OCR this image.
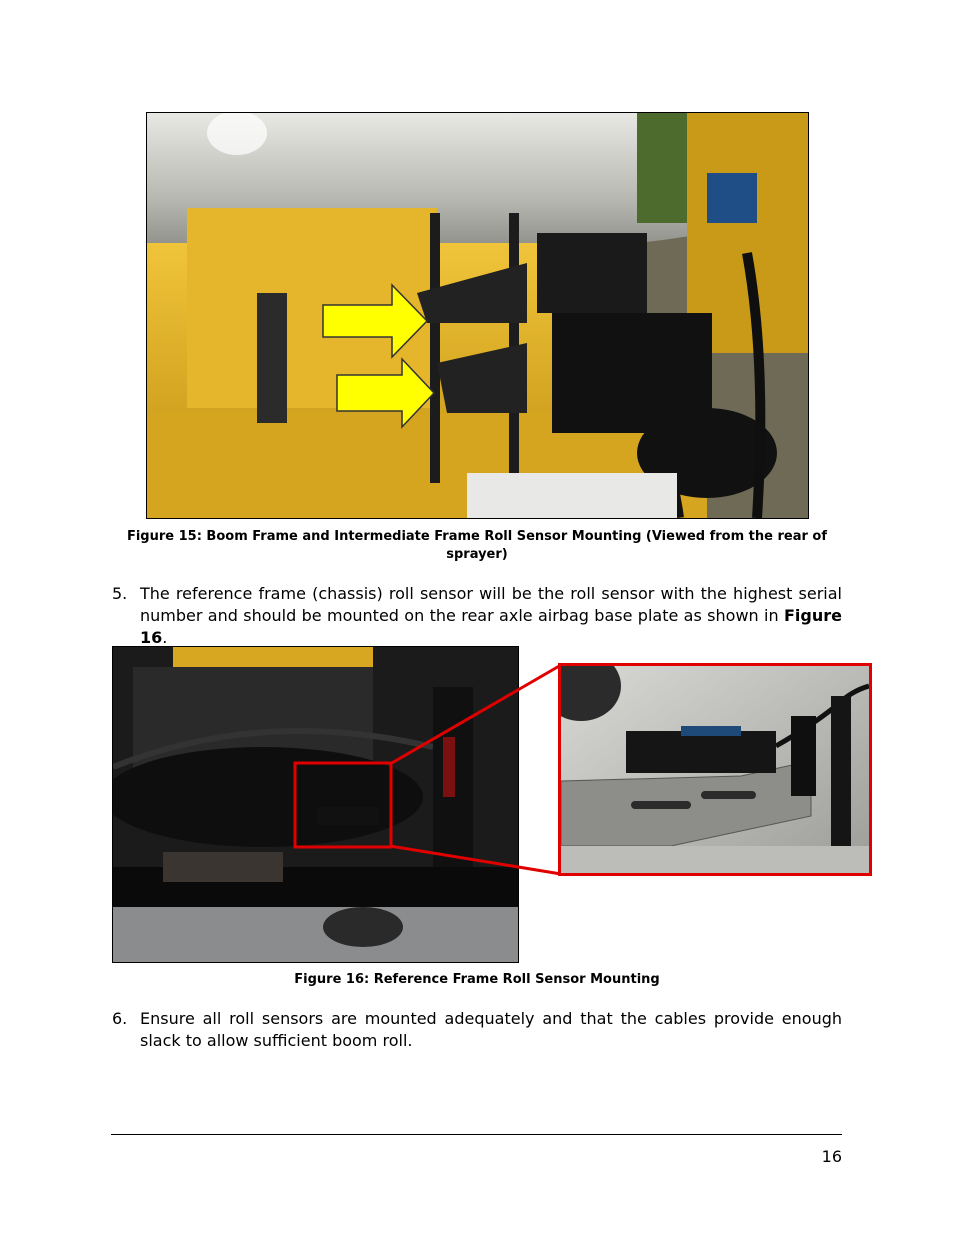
Figure 15: Boom Frame and Intermediate Frame Roll Sensor Mounting (Viewed from the rear of sprayer)
5. The reference frame (chassis) roll sensor will be the roll sensor with the highest serial number and should be mounted on the rear axle airbag base plate as shown in Figure 16.
Figure 16: Reference Frame Roll Sensor Mounting
6. Ensure all roll sensors are mounted adequately and that the cables provide enough slack to allow sufficient boom roll.
16
